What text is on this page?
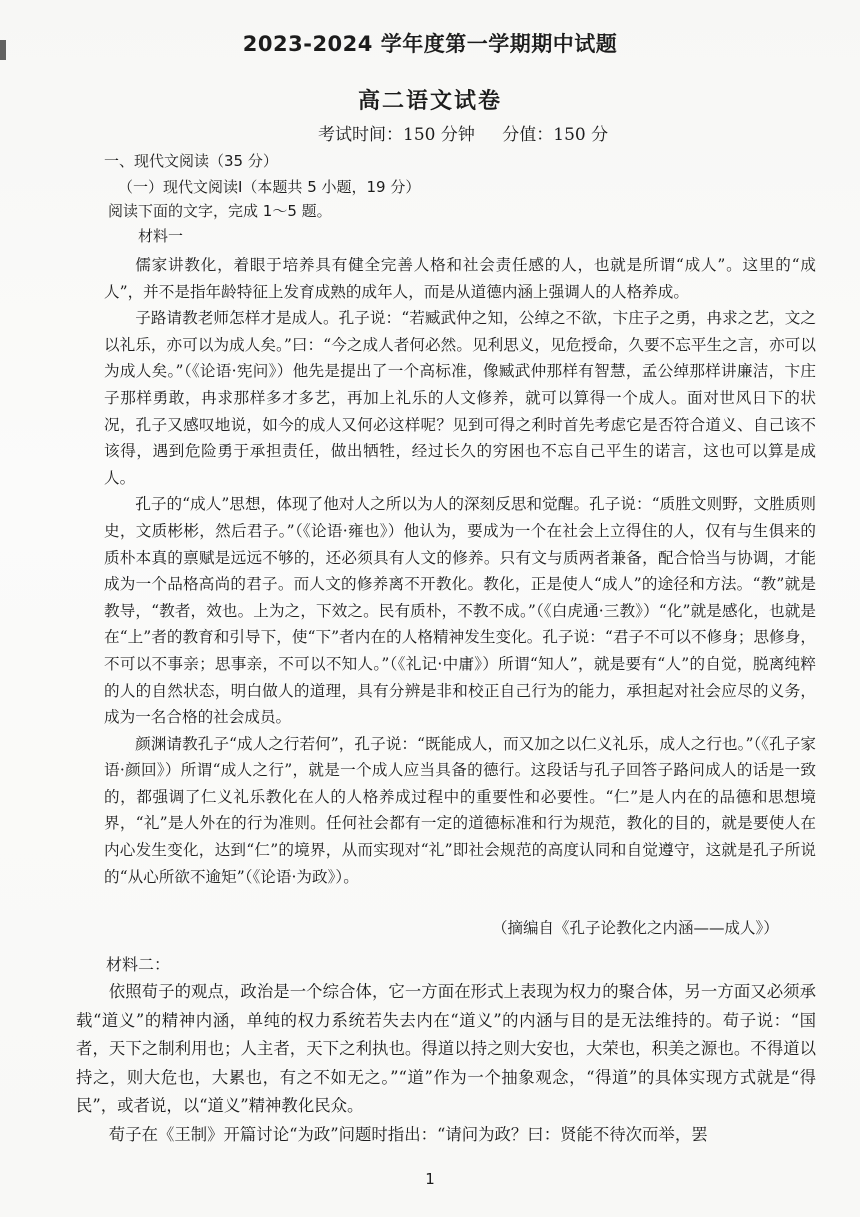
2023-2024 学年度第一学期期中试题
高二语文试卷
考试时间：150 分钟 分值：150 分
一、现代文阅读（35 分）
（一）现代文阅读Ⅰ（本题共 5 小题，19 分）
阅读下面的文字，完成 1～5 题。
材料一

儒家讲教化，着眼于培养具有健全完善人格和社会责任感的人，也就是所谓“成人”。这里的“成人”，并不是指年龄特征上发育成熟的成年人，而是从道德内涵上强调人的人格养成。

子路请教老师怎样才是成人。孔子说：“若臧武仲之知，公绰之不欲，卞庄子之勇，冉求之艺，文之以礼乐，亦可以为成人矣。”曰：“今之成人者何必然。见利思义，见危授命，久要不忘平生之言，亦可以为成人矣。”（《论语·宪问》）他先是提出了一个高标准，像臧武仲那样有智慧，孟公绰那样讲廉洁，卞庄子那样勇敢，冉求那样多才多艺，再加上礼乐的人文修养，就可以算得一个成人。面对世风日下的状况，孔子又感叹地说，如今的成人又何必这样呢？见到可得之利时首先考虑它是否符合道义、自己该不该得，遇到危险勇于承担责任，做出牺牲，经过长久的穷困也不忘自己平生的诺言，这也可以算是成人。

孔子的“成人”思想，体现了他对人之所以为人的深刻反思和觉醒。孔子说：“质胜文则野，文胜质则史，文质彬彬，然后君子。”（《论语·雍也》）他认为，要成为一个在社会上立得住的人，仅有与生俱来的质朴本真的禀赋是远远不够的，还必须具有人文的修养。只有文与质两者兼备，配合恰当与协调，才能成为一个品格高尚的君子。而人文的修养离不开教化。教化，正是使人“成人”的途径和方法。“教”就是教导，“教者，效也。上为之，下效之。民有质朴，不教不成。”（《白虎通·三教》）“化”就是感化，也就是在“上”者的教育和引导下，使“下”者内在的人格精神发生变化。孔子说：“君子不可以不修身；思修身，不可以不事亲；思事亲，不可以不知人。”（《礼记·中庸》）所谓“知人”，就是要有“人”的自觉，脱离纯粹的人的自然状态，明白做人的道理，具有分辨是非和校正自己行为的能力，承担起对社会应尽的义务，成为一名合格的社会成员。

颜渊请教孔子“成人之行若何”，孔子说：“既能成人，而又加之以仁义礼乐，成人之行也。”（《孔子家语·颜回》）所谓“成人之行”，就是一个成人应当具备的德行。这段话与孔子回答子路问成人的话是一致的，都强调了仁义礼乐教化在人的人格养成过程中的重要性和必要性。“仁”是人内在的品德和思想境界，“礼”是人外在的行为准则。任何社会都有一定的道德标准和行为规范，教化的目的，就是要使人在内心发生变化，达到“仁”的境界，从而实现对“礼”即社会规范的高度认同和自觉遵守，这就是孔子所说的“从心所欲不逾矩”（《论语·为政》）。

（摘编自《孔子论教化之内涵——成人》）
材料二：

依照荀子的观点，政治是一个综合体，它一方面在形式上表现为权力的聚合体，另一方面又必须承载“道义”的精神内涵，单纯的权力系统若失去内在“道义”的内涵与目的是无法维持的。荀子说：“国者，天下之制利用也；人主者，天下之利执也。得道以持之则大安也，大荣也，积美之源也。不得道以持之，则大危也，大累也，有之不如无之。”“道”作为一个抽象观念，“得道”的具体实现方式就是“得民”，或者说，以“道义”精神教化民众。

荀子在《王制》开篇讨论“为政”问题时指出：“请问为政？曰：贤能不待次而举，罢

1
